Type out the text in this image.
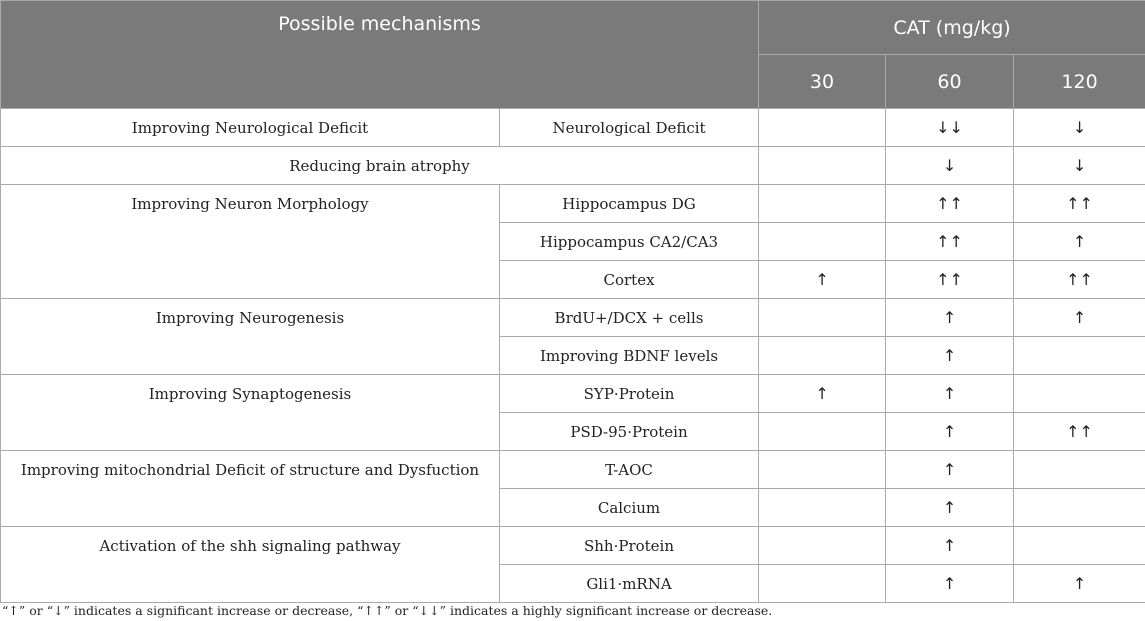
Possible mechanisms		CAT (mg/kg)		
		30	60	120
Improving Neurological Deficit	Neurological Deficit		↓↓	↓
Reducing brain atrophy			↓	↓
Improving Neuron Morphology	Hippocampus DG		↑↑	↑↑
	Hippocampus CA2/CA3		↑↑	↑
	Cortex	↑	↑↑	↑↑
Improving Neurogenesis	BrdU+/DCX + cells		↑	↑
	Improving BDNF levels		↑	
Improving Synaptogenesis	SYP·Protein	↑	↑	
	PSD-95·Protein		↑	↑↑
Improving mitochondrial Deficit of structure and Dysfuction	T-AOC		↑	
	Calcium		↑	
Activation of the shh signaling pathway	Shh·Protein		↑	
	Gli1·mRNA		↑	↑
“↑” or “↓” indicates a significant increase or decrease, “↑↑” or “↓↓” indicates a highly significant increase or decrease.
